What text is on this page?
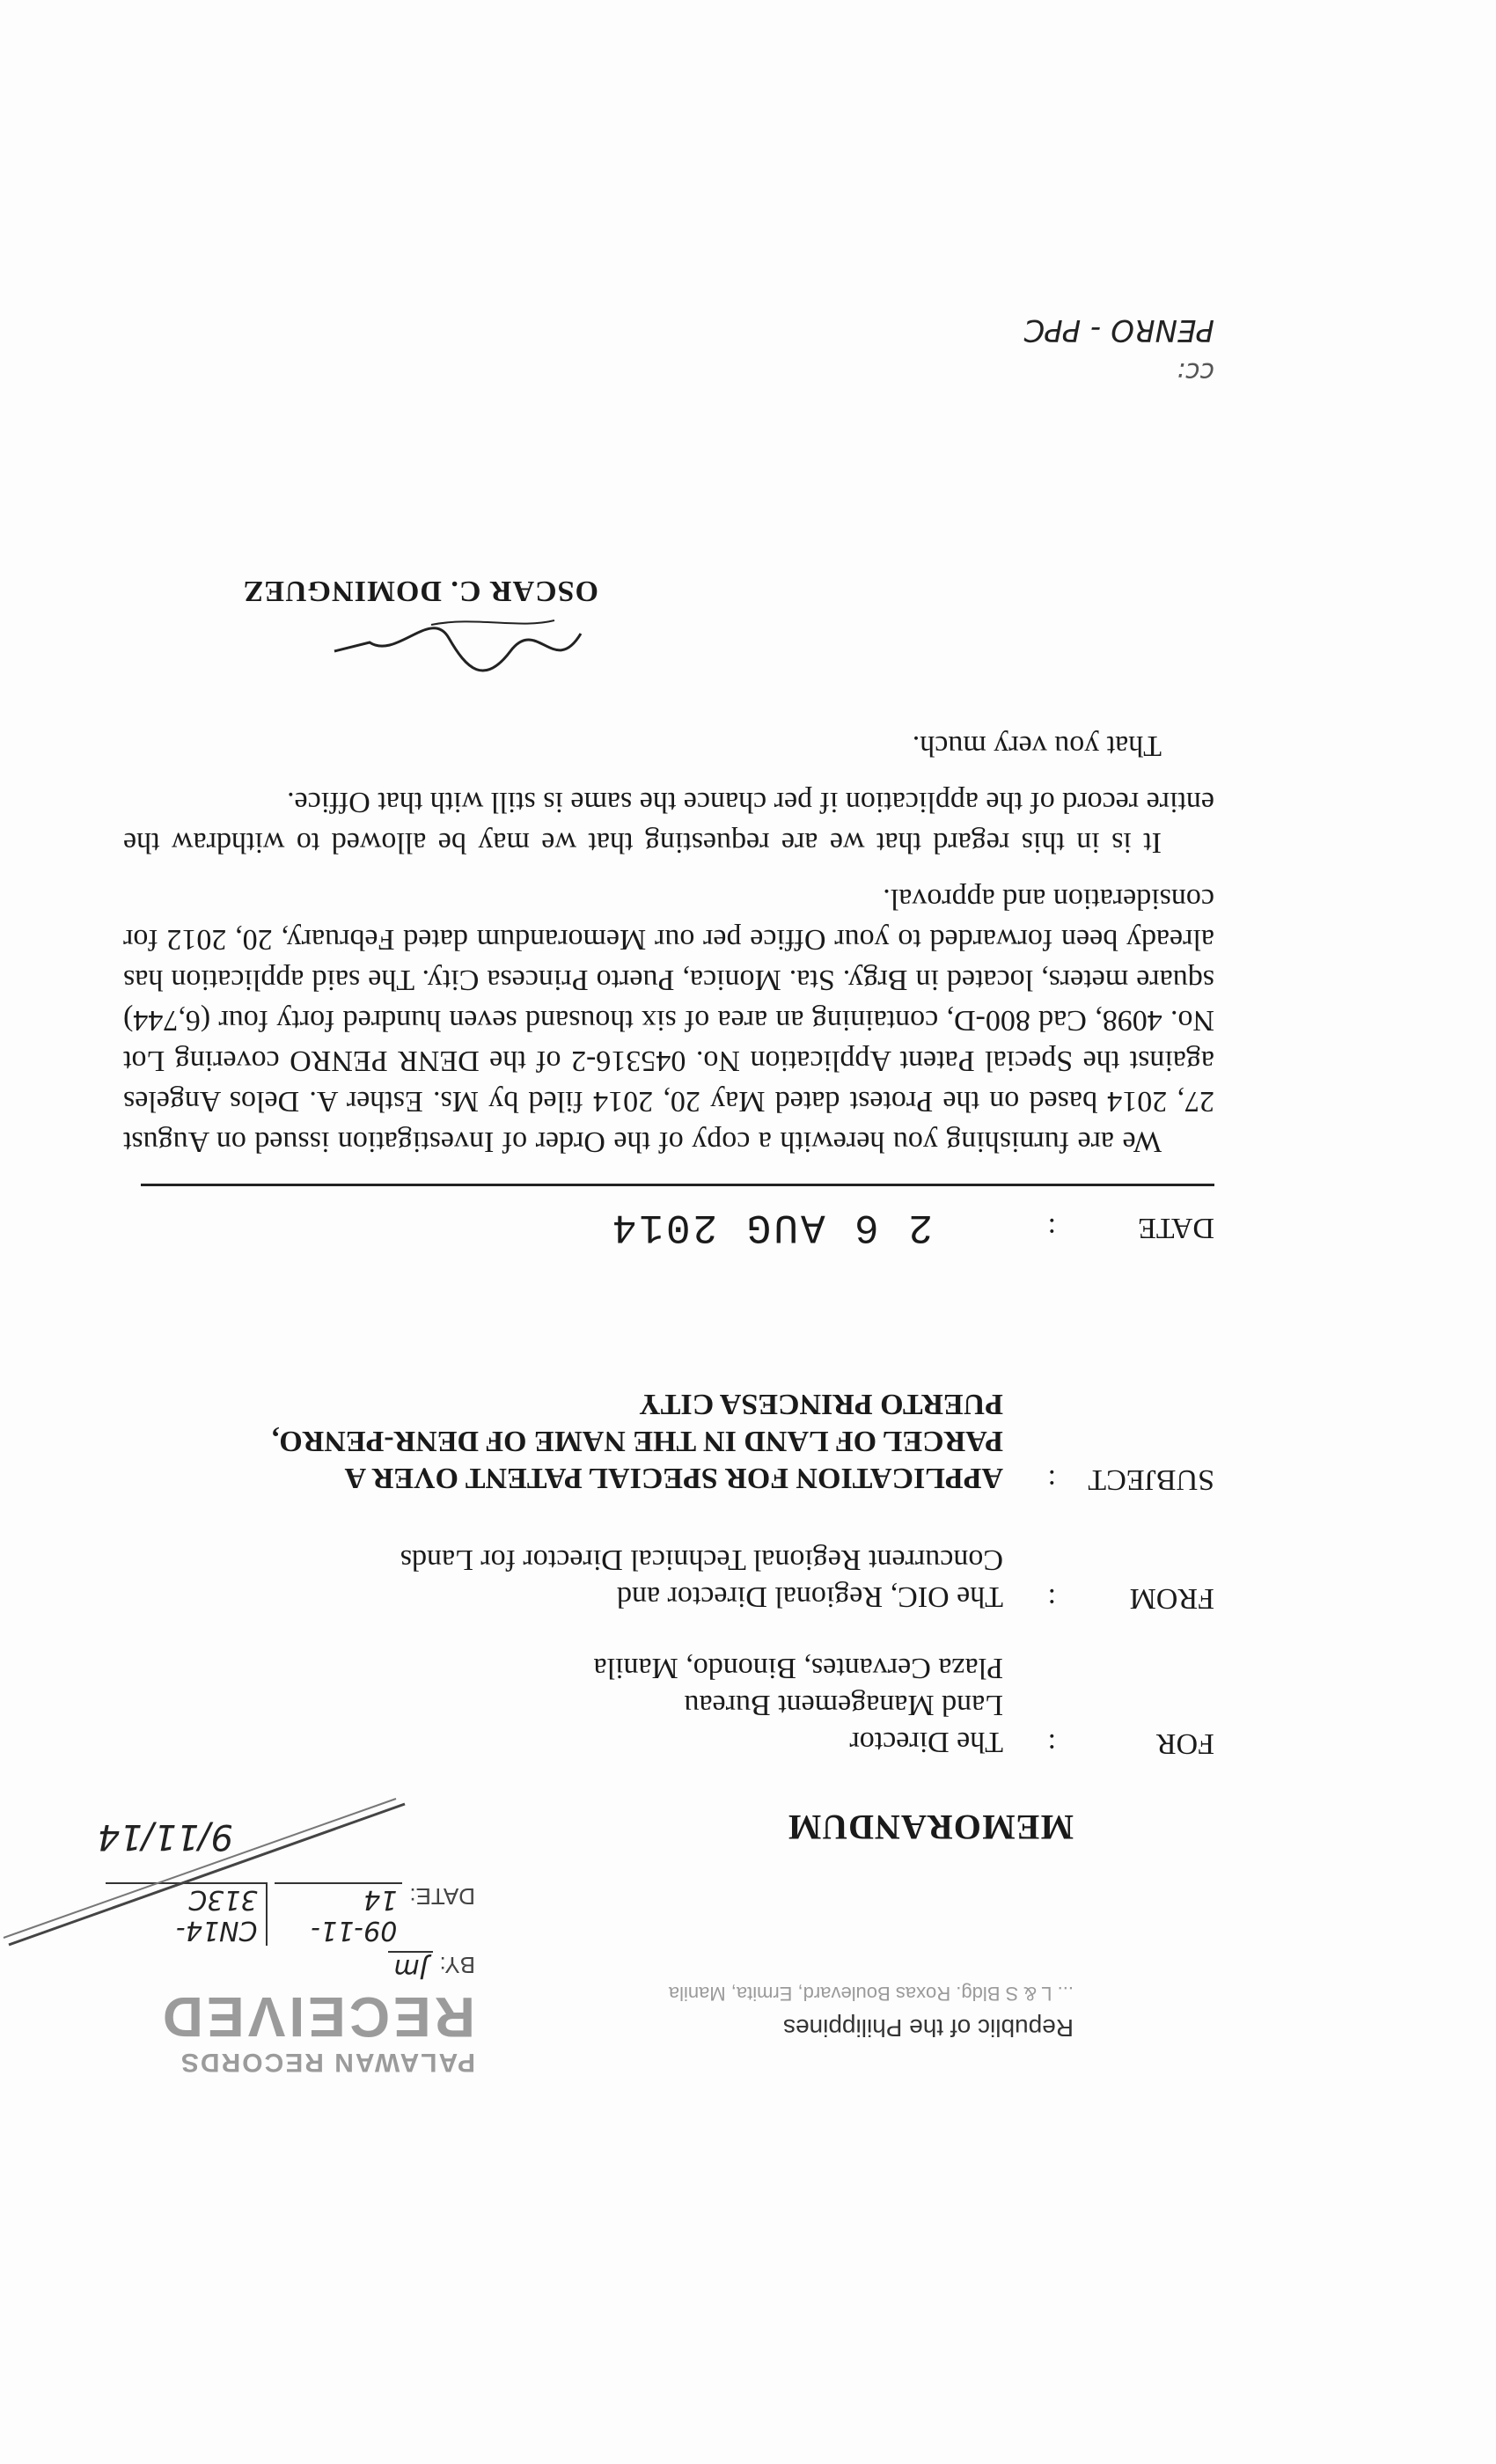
Republic of the Philippines
... L & S Bldg. Roxas Boulevard, Ermita, Manila
PALAWAN RECORDS
RECEIVED
BY:
Jm
DATE:
09-11-14
CN14-313C
9/11/14	MEMORANDUM
FOR
:
The Director
Land Management Bureau
Plaza Cervantes, Binondo, Manila
FROM
:
The OIC, Regional Director and
Concurrent Regional Technical Director for Lands
SUBJECT
:
APPLICATION FOR SPECIAL PATENT OVER A
PARCEL OF LAND IN THE NAME OF DENR-PENRO,
PUERTO PRINCESA CITY
DATE
:
2 6 AUG 2014

We are furnishing you herewith a copy of the Order of Investigation issued on August 27, 2014 based on the Protest dated May 20, 2014 filed by Ms. Esther A. Delos Angeles against the Special Patent Application No. 045316-2 of the DENR PENRO covering Lot No. 4098, Cad 800-D, containing an area of six thousand seven hundred forty four (6,744) square meters, located in Brgy. Sta. Monica, Puerto Princesa City. The said application has already been forwarded to your Office per our Memorandum dated February, 20, 2012 for consideration and approval.

It is in this regard that we are requesting that we may be allowed to withdraw the entire record of the application if per chance the same is still with that Office.

That you very much.

OSCAR C. DOMINGUEZ
cc:
PENRO - PPC
